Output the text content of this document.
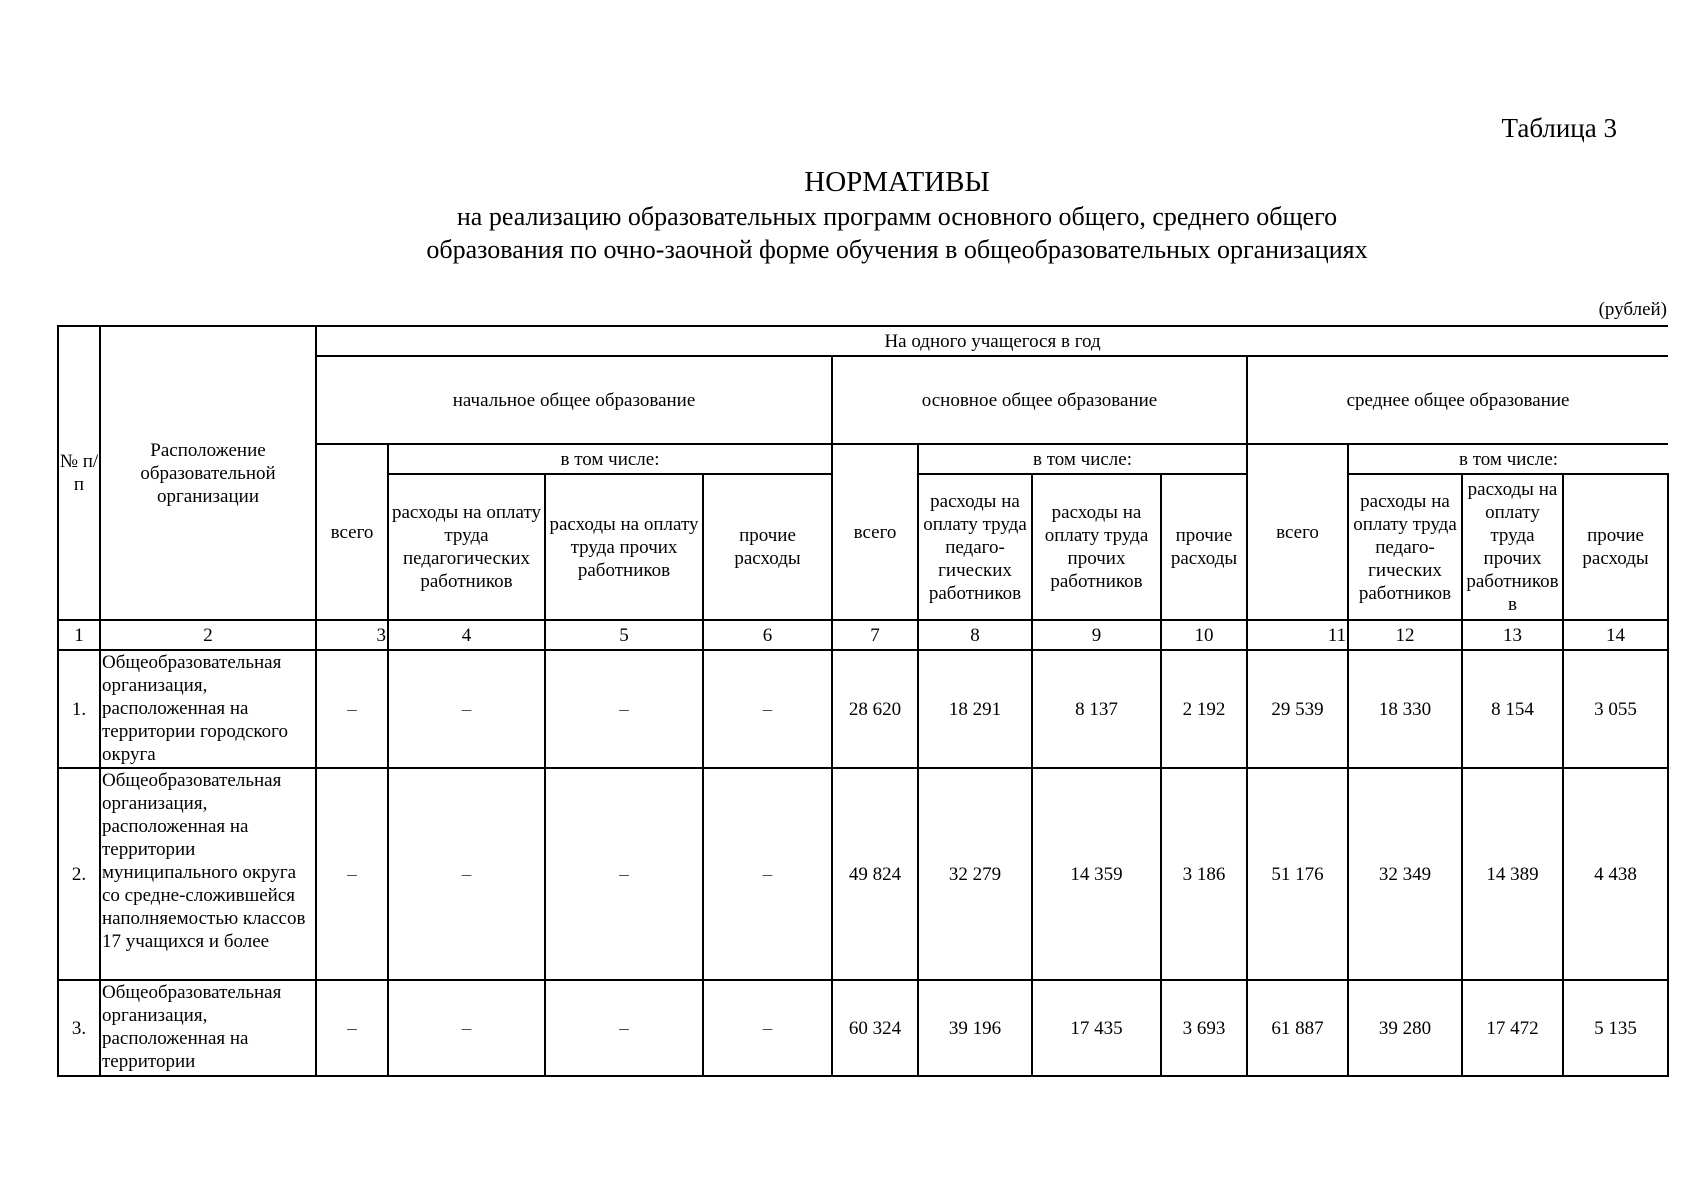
Таблица 3
НОРМАТИВЫ
на реализацию образовательных программ основного общего, среднего общего
образования по очно-заочной форме обучения в общеобразовательных организациях
(рублей)
№ п/п	Расположение образовательной организации	На одного учащегося в год											
		начальное общее образование				основное общее образование				среднее общее образование			
		всего	в том числе:			всего	в том числе:			всего	в том числе:		
			расходы на оплату труда педагогических работников	расходы на оплату труда прочих работников	прочие расходы		расходы на оплату труда педаго-гических работников	расходы на оплату труда прочих работников	прочие расходы		расходы на оплату труда педаго-гических работников	расходы на оплату труда прочих работников в	прочие расходы
1	2	3	4	5	6	7	8	9	10	11	12	13	14
1.	Общеобразовательная организация, расположенная на территории городского округа	–	–	–	–	28 620	18 291	8 137	2 192	29 539	18 330	8 154	3 055
2.	Общеобразовательная организация, расположенная на территории муниципального округа со средне-сложившейся наполняемостью классов 17 учащихся и более	–	–	–	–	49 824	32 279	14 359	3 186	51 176	32 349	14 389	4 438
3.	Общеобразовательная организация, расположенная на территории	–	–	–	–	60 324	39 196	17 435	3 693	61 887	39 280	17 472	5 135
